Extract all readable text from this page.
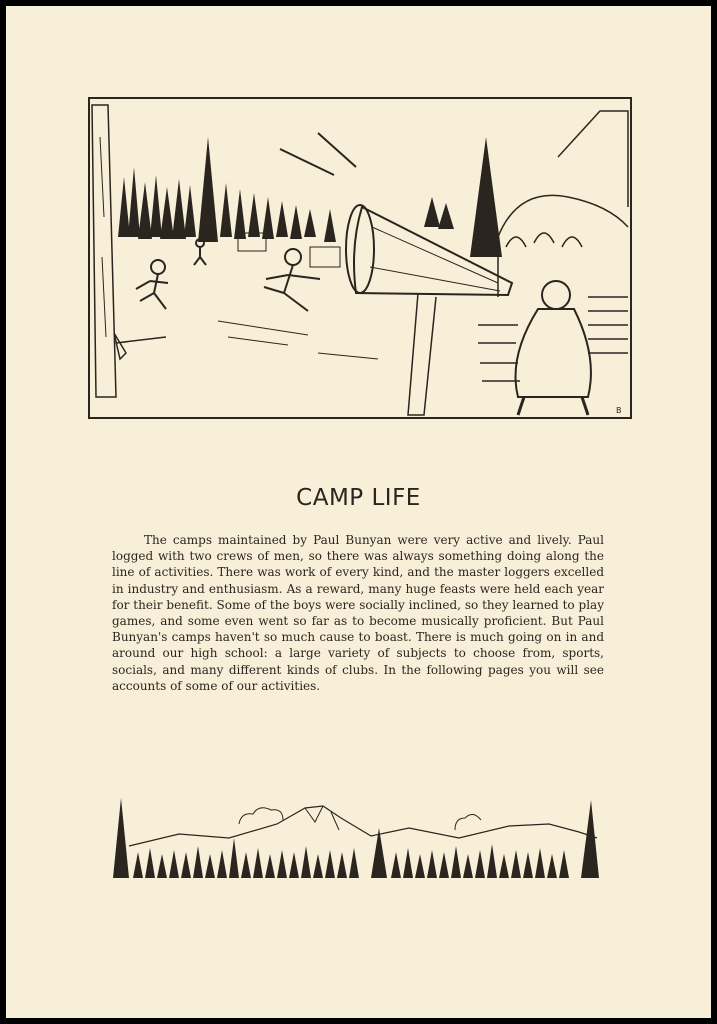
B
CAMP LIFE

The camps maintained by Paul Bunyan were very active and lively. Paul logged with two crews of men, so there was always something doing along the line of activities. There was work of every kind, and the master loggers excelled in industry and enthusiasm. As a reward, many huge feasts were held each year for their benefit. Some of the boys were socially inclined, so they learned to play games, and some even went so far as to become musically proficient. But Paul Bunyan's camps haven't so much cause to boast. There is much going on in and around our high school: a large variety of subjects to choose from, sports, socials, and many different kinds of clubs. In the following pages you will see accounts of some of our activities.
